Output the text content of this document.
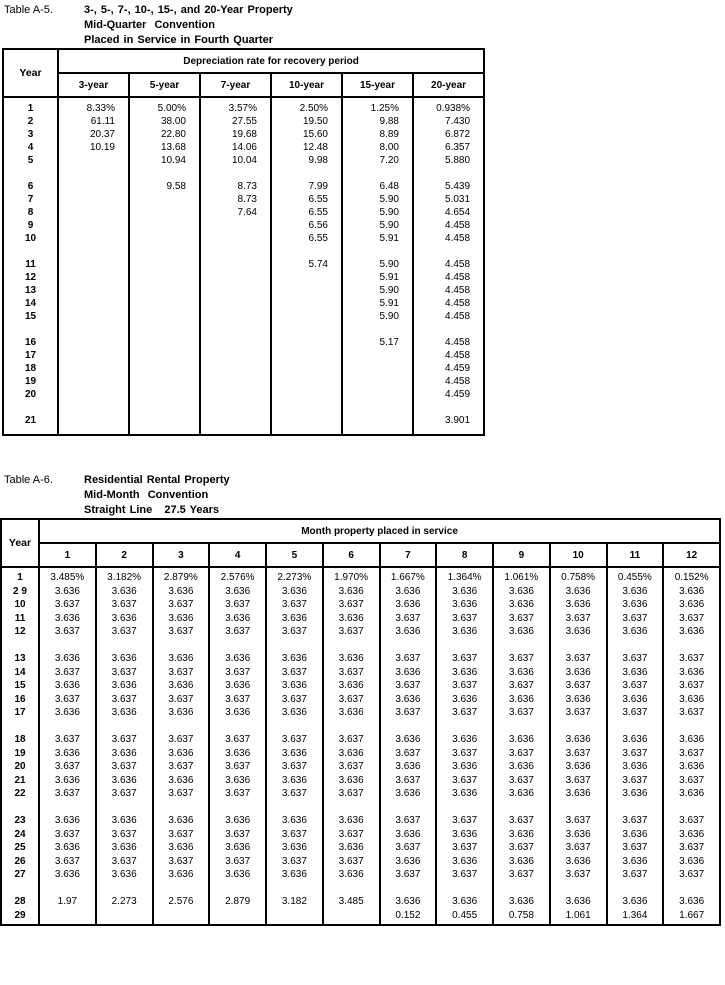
Table A-5.	3-, 5-, 7-, 10-, 15-, and 20-Year Property
Mid-Quarter  Convention
Placed in Service in Fourth Quarter
Year	Depreciation rate for recovery period					
	3-year	5-year	7-year	10-year	15-year	20-year

1	8.33%	5.00%	3.57%	2.50%	1.25%	0.938%
2	61.11	38.00	27.55	19.50	9.88	7.430
3	20.37	22.80	19.68	15.60	8.89	6.872
4	10.19	13.68	14.06	12.48	8.00	6.357
5		10.94	10.04	9.98	7.20	5.880

6		9.58	8.73	7.99	6.48	5.439
7			8.73	6.55	5.90	5.031
8			7.64	6.55	5.90	4.654
9				6.56	5.90	4.458
10				6.55	5.91	4.458

11				5.74	5.90	4.458
12					5.91	4.458
13					5.90	4.458
14					5.91	4.458
15					5.90	4.458

16					5.17	4.458
17						4.458
18						4.459
19						4.458
20						4.459

21						3.901

Table A-6.	Residential Rental Property
Mid-Month  Convention
Straight Line   27.5 Years
Year	Month property placed in service											
	1	2	3	4	5	6	7	8	9	10	11	12

1	3.485%	3.182%	2.879%	2.576%	2.273%	1.970%	1.667%	1.364%	1.061%	0.758%	0.455%	0.152%
2 9	3.636	3.636	3.636	3.636	3.636	3.636	3.636	3.636	3.636	3.636	3.636	3.636
10	3.637	3.637	3.637	3.637	3.637	3.637	3.636	3.636	3.636	3.636	3.636	3.636
11	3.636	3.636	3.636	3.636	3.636	3.636	3.637	3.637	3.637	3.637	3.637	3.637
12	3.637	3.637	3.637	3.637	3.637	3.637	3.636	3.636	3.636	3.636	3.636	3.636

13	3.636	3.636	3.636	3.636	3.636	3.636	3.637	3.637	3.637	3.637	3.637	3.637
14	3.637	3.637	3.637	3.637	3.637	3.637	3.636	3.636	3.636	3.636	3.636	3.636
15	3.636	3.636	3.636	3.636	3.636	3.636	3.637	3.637	3.637	3.637	3.637	3.637
16	3.637	3.637	3.637	3.637	3.637	3.637	3.636	3.636	3.636	3.636	3.636	3.636
17	3.636	3.636	3.636	3.636	3.636	3.636	3.637	3.637	3.637	3.637	3.637	3.637

18	3.637	3.637	3.637	3.637	3.637	3.637	3.636	3.636	3.636	3.636	3.636	3.636
19	3.636	3.636	3.636	3.636	3.636	3.636	3.637	3.637	3.637	3.637	3.637	3.637
20	3.637	3.637	3.637	3.637	3.637	3.637	3.636	3.636	3.636	3.636	3.636	3.636
21	3.636	3.636	3.636	3.636	3.636	3.636	3.637	3.637	3.637	3.637	3.637	3.637
22	3.637	3.637	3.637	3.637	3.637	3.637	3.636	3.636	3.636	3.636	3.636	3.636

23	3.636	3.636	3.636	3.636	3.636	3.636	3.637	3.637	3.637	3.637	3.637	3.637
24	3.637	3.637	3.637	3.637	3.637	3.637	3.636	3.636	3.636	3.636	3.636	3.636
25	3.636	3.636	3.636	3.636	3.636	3.636	3.637	3.637	3.637	3.637	3.637	3.637
26	3.637	3.637	3.637	3.637	3.637	3.637	3.636	3.636	3.636	3.636	3.636	3.636
27	3.636	3.636	3.636	3.636	3.636	3.636	3.637	3.637	3.637	3.637	3.637	3.637

28	1.97	2.273	2.576	2.879	3.182	3.485	3.636	3.636	3.636	3.636	3.636	3.636
29							0.152	0.455	0.758	1.061	1.364	1.667
